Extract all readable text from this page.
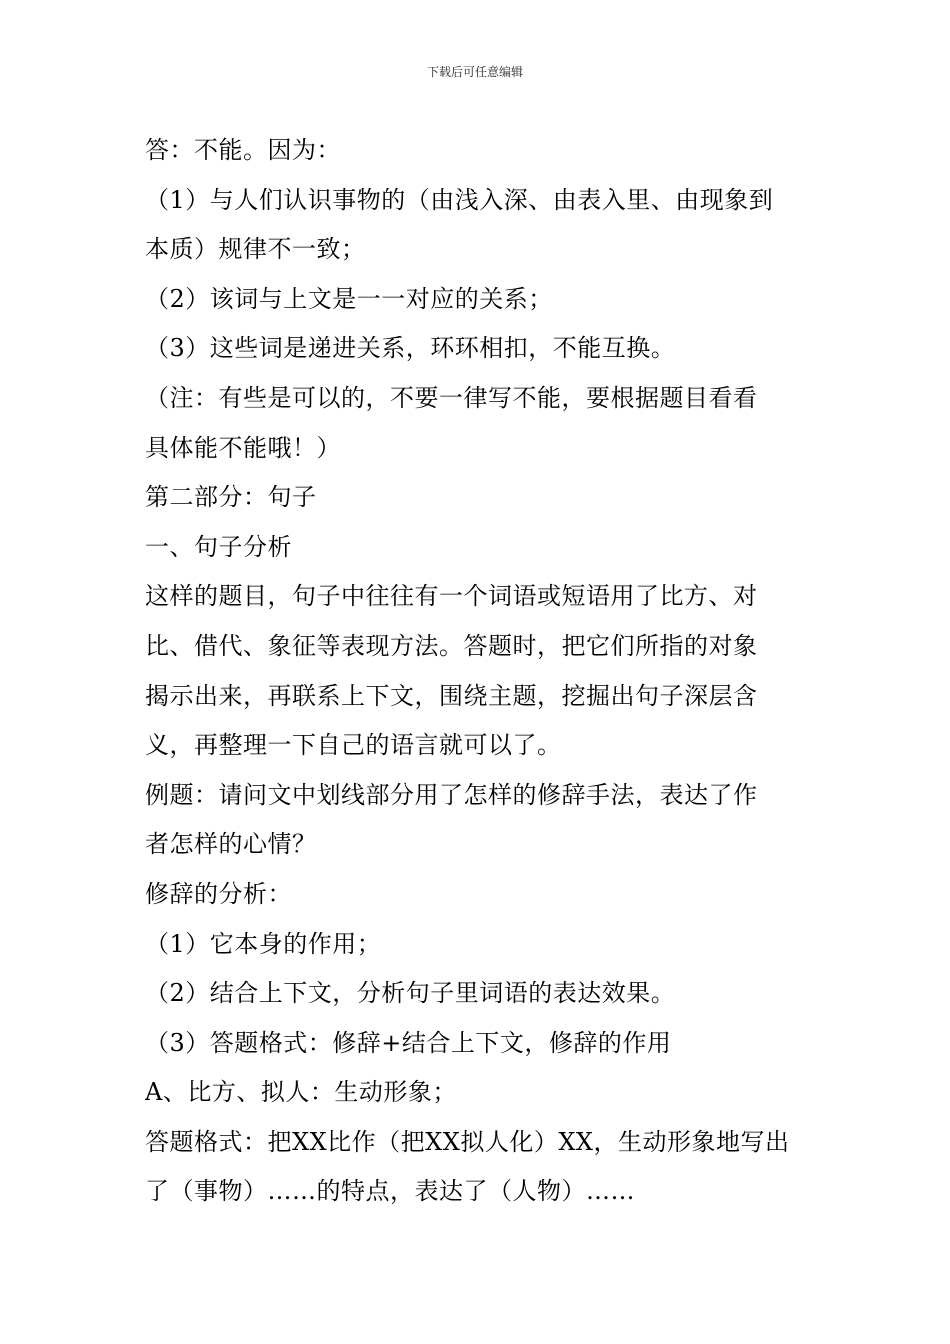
下载后可任意编辑
答：不能。因为：
（1）与人们认识事物的（由浅入深、由表入里、由现象到
本质）规律不一致；
（2）该词与上文是一一对应的关系；
（3）这些词是递进关系，环环相扣，不能互换。
（注：有些是可以的，不要一律写不能，要根据题目看看
具体能不能哦！）
第二部分：句子
一、句子分析
这样的题目，句子中往往有一个词语或短语用了比方、对
比、借代、象征等表现方法。答题时，把它们所指的对象
揭示出来，再联系上下文，围绕主题，挖掘出句子深层含
义，再整理一下自己的语言就可以了。
例题：请问文中划线部分用了怎样的修辞手法，表达了作
者怎样的心情？
修辞的分析：
（1）它本身的作用；
（2）结合上下文，分析句子里词语的表达效果。
（3）答题格式：修辞+结合上下文，修辞的作用
A、比方、拟人：生动形象；
答题格式：把XX比作（把XX拟人化）XX，生动形象地写出
了（事物）……的特点，表达了（人物）……
